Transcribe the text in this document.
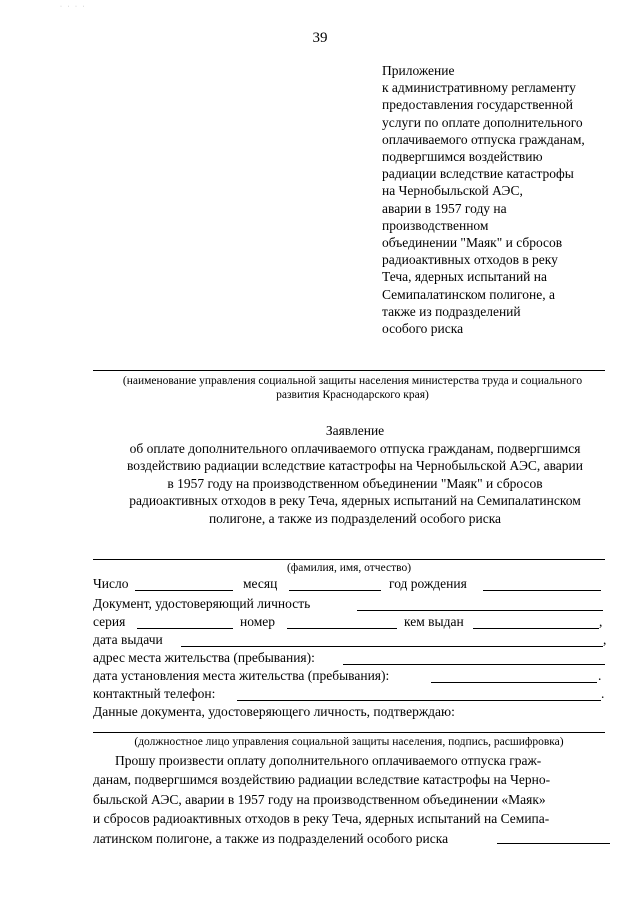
· · · ·
39
Приложение
к административному регламенту
предоставления государственной
услуги по оплате дополнительного
оплачиваемого отпуска гражданам,
подвергшимся воздействию
радиации вследствие катастрофы
на Чернобыльской АЭС,
аварии в 1957 году на
производственном
объединении "Маяк" и сбросов
радиоактивных отходов в реку
Теча, ядерных испытаний на
Семипалатинском полигоне, а
также из подразделений
особого риска
(наименование управления социальной защиты населения министерства труда и социального
развития Краснодарского края)
Заявление
об оплате дополнительного оплачиваемого отпуска гражданам, подвергшимся
воздействию радиации вследствие катастрофы на Чернобыльской АЭС, аварии
в 1957 году на производственном объединении "Маяк" и сбросов
радиоактивных отходов в реку Теча, ядерных испытаний на Семипалатинском
полигоне, а также из подразделений особого риска
(фамилия, имя, отчество)
Число	месяц	год рождения
Документ, удостоверяющий личность
серия	номер	кем выдан	,
дата выдачи	,
адрес места жительства (пребывания):
дата установления места жительства (пребывания):	.
контактный телефон:	.
Данные документа, удостоверяющего личность, подтверждаю:
(должностное лицо управления социальной защиты населения, подпись, расшифровка)
Прошу произвести оплату дополнительного оплачиваемого отпуска граж-
данам, подвергшимся воздействию радиации вследствие катастрофы на Черно-
быльской АЭС, аварии в 1957 году на производственном объединении «Маяк»
и сбросов радиоактивных отходов в реку Теча, ядерных испытаний на Семипа-
латинском полигоне, а также из подразделений особого риска
